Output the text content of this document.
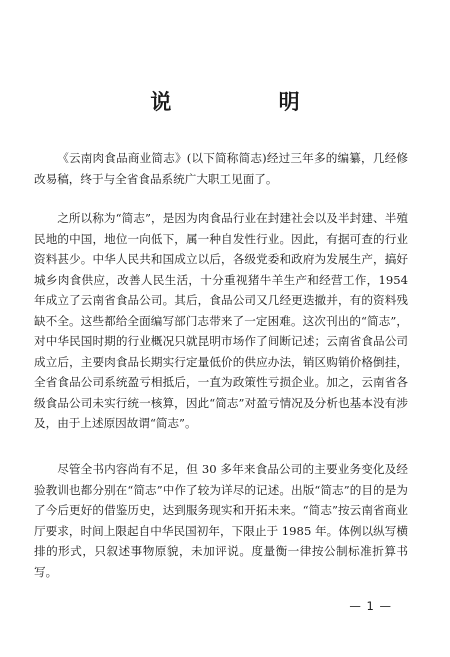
说 明

《云南肉食品商业简志》(以下简称简志)经过三年多的编纂，几经修改易稿，终于与全省食品系统广大职工见面了。

之所以称为“简志”，是因为肉食品行业在封建社会以及半封建、半殖民地的中国，地位一向低下，属一种自发性行业。因此，有据可查的行业资料甚少。中华人民共和国成立以后，各级党委和政府为发展生产，搞好城乡肉食供应，改善人民生活，十分重视猪牛羊生产和经营工作，1954 年成立了云南省食品公司。其后，食品公司又几经更迭撤并，有的资料残缺不全。这些都给全面编写部门志带来了一定困难。这次刊出的“简志”，对中华民国时期的行业概况只就昆明市场作了间断记述；云南省食品公司成立后，主要肉食品长期实行定量低价的供应办法，销区购销价格倒挂，全省食品公司系统盈亏相抵后，一直为政策性亏损企业。加之，云南省各级食品公司未实行统一核算，因此“简志”对盈亏情况及分析也基本没有涉及，由于上述原因故谓“简志”。

尽管全书内容尚有不足，但 30 多年来食品公司的主要业务变化及经验教训也都分别在“简志”中作了较为详尽的记述。出版“简志”的目的是为了今后更好的借鉴历史，达到服务现实和开拓未来。“简志”按云南省商业厅要求，时间上限起自中华民国初年，下限止于 1985 年。体例以纵写横排的形式，只叙述事物原貌，未加评说。度量衡一律按公制标准折算书写。

— 1 —
